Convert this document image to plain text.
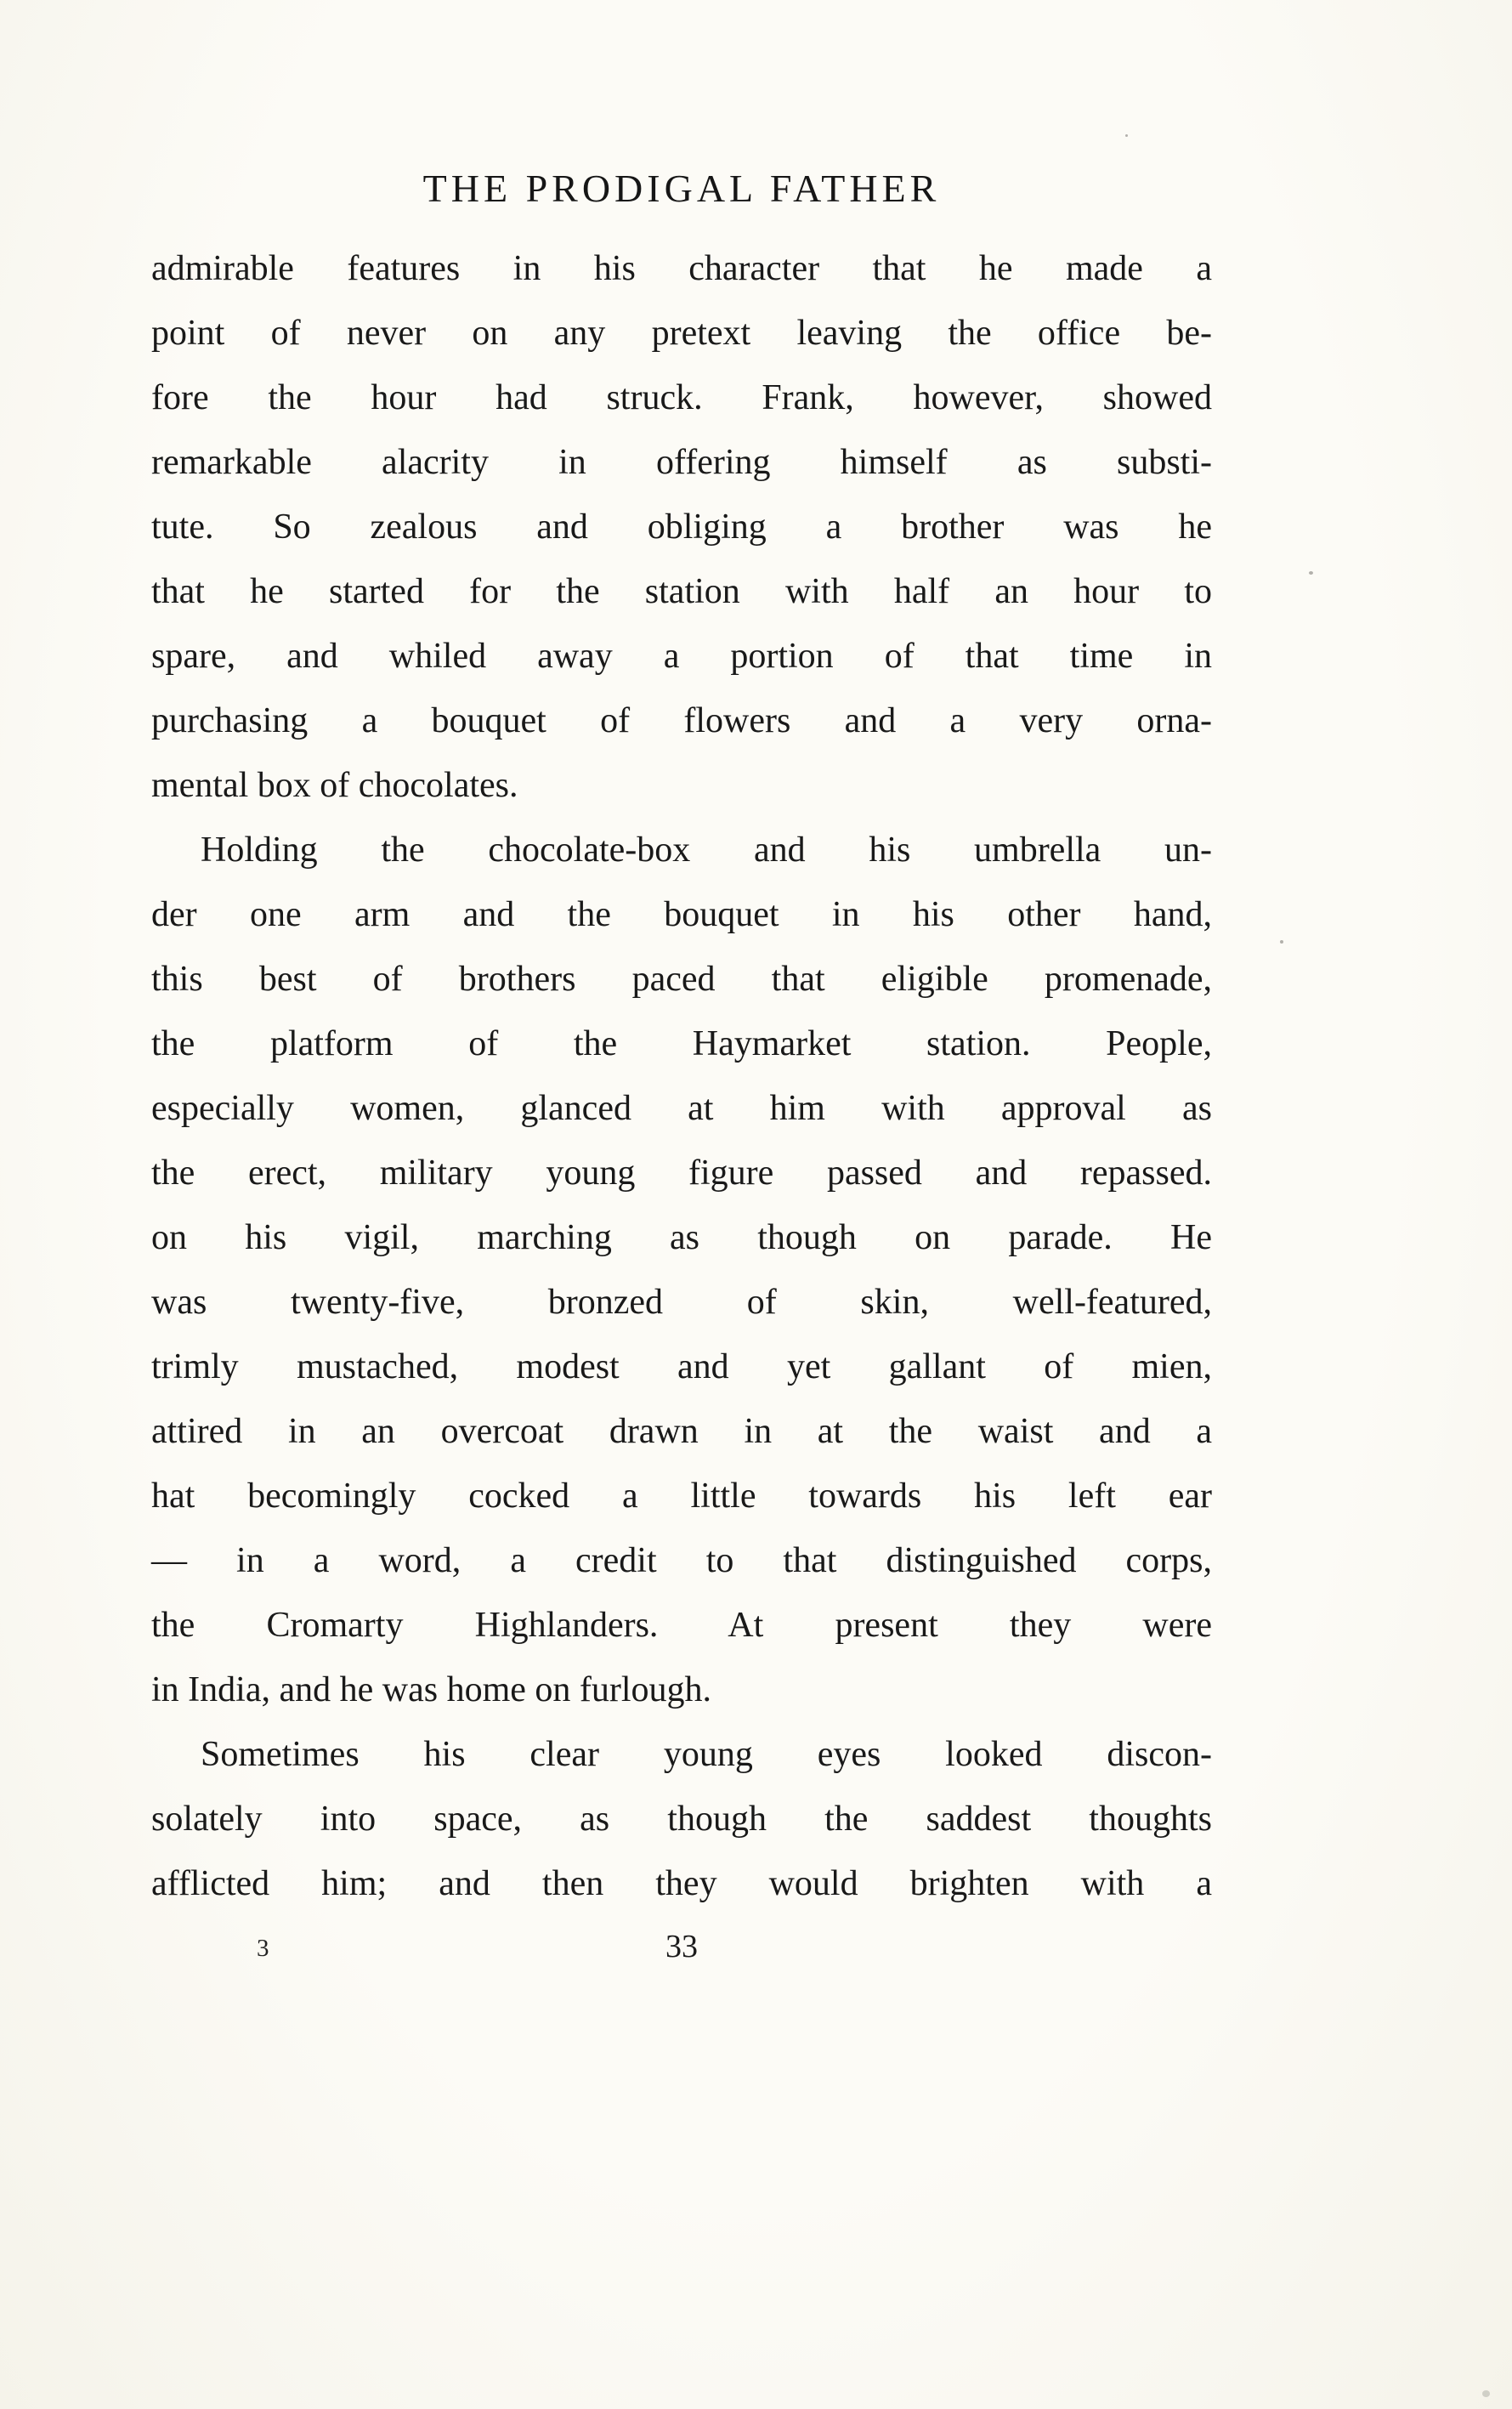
THE PRODIGAL FATHER

admirable features in his character that he made a
point of never on any pretext leaving the office be-
fore the hour had struck. Frank, however, showed
remarkable alacrity in offering himself as substi-
tute. So zealous and obliging a brother was he
that he started for the station with half an hour to
spare, and whiled away a portion of that time in
purchasing a bouquet of flowers and a very orna-
mental box of chocolates.

Holding the chocolate-box and his umbrella un-
der one arm and the bouquet in his other hand,
this best of brothers paced that eligible promenade,
the platform of the Haymarket station. People,
especially women, glanced at him with approval as
the erect, military young figure passed and repassed.
on his vigil, marching as though on parade. He
was twenty-five, bronzed of skin, well-featured,
trimly mustached, modest and yet gallant of mien,
attired in an overcoat drawn in at the waist and a
hat becomingly cocked a little towards his left ear
— in a word, a credit to that distinguished corps,
the Cromarty Highlanders. At present they were
in India, and he was home on furlough.

Sometimes his clear young eyes looked discon-
solately into space, as though the saddest thoughts
afflicted him; and then they would brighten with a

3	33
